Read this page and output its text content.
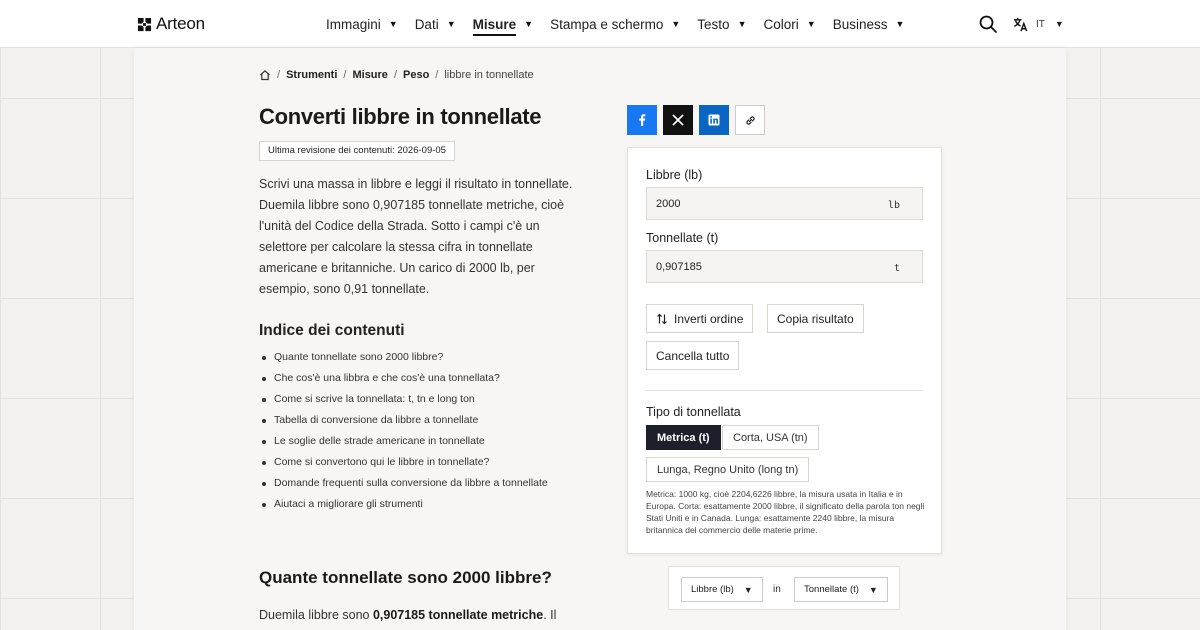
Arteon	Immagini ▼ Dati ▼ Misure ▼ Stampa e schermo ▼ Testo ▼ Colori ▼ Business ▼	IT ▼
/ Strumenti / Misure / Peso / libbre in tonnellate
Converti libbre in tonnellate
Ultima revisione dei contenuti: 2026-09-05

Scrivi una massa in libbre e leggi il risultato in tonnellate. Duemila libbre sono 0,907185 tonnellate metriche, cioè l'unità del Codice della Strada. Sotto i campi c'è un selettore per calcolare la stessa cifra in tonnellate americane e britanniche. Un carico di 2000 lb, per esempio, sono 0,91 tonnellate.

Indice dei contenuti
Quante tonnellate sono 2000 libbre?
Che cos'è una libbra e che cos'è una tonnellata?
Come si scrive la tonnellata: t, tn e long ton
Tabella di conversione da libbre a tonnellate
Le soglie delle strade americane in tonnellate
Come si convertono qui le libbre in tonnellate?
Domande frequenti sulla conversione da libbre a tonnellate
Aiutaci a migliorare gli strumenti
Quante tonnellate sono 2000 libbre?

Duemila libbre sono 0,907185 tonnellate metriche. Il

Libbre (lb)
2000	lb
Tonnellate (t)
0,907185	t
Inverti ordine	Copia risultato
Cancella tutto
Tipo di tonnellata
Metrica (t)	Corta, USA (tn)
Lunga, Regno Unito (long tn)

Metrica: 1000 kg, cioè 2204,6226 libbre, la misura usata in Italia e in Europa. Corta: esattamente 2000 libbre, il significato della parola ton negli Stati Uniti e in Canada. Lunga: esattamente 2240 libbre, la misura britannica del commercio delle materie prime.

Libbre (lb) ▼ in Tonnellate (t) ▼
